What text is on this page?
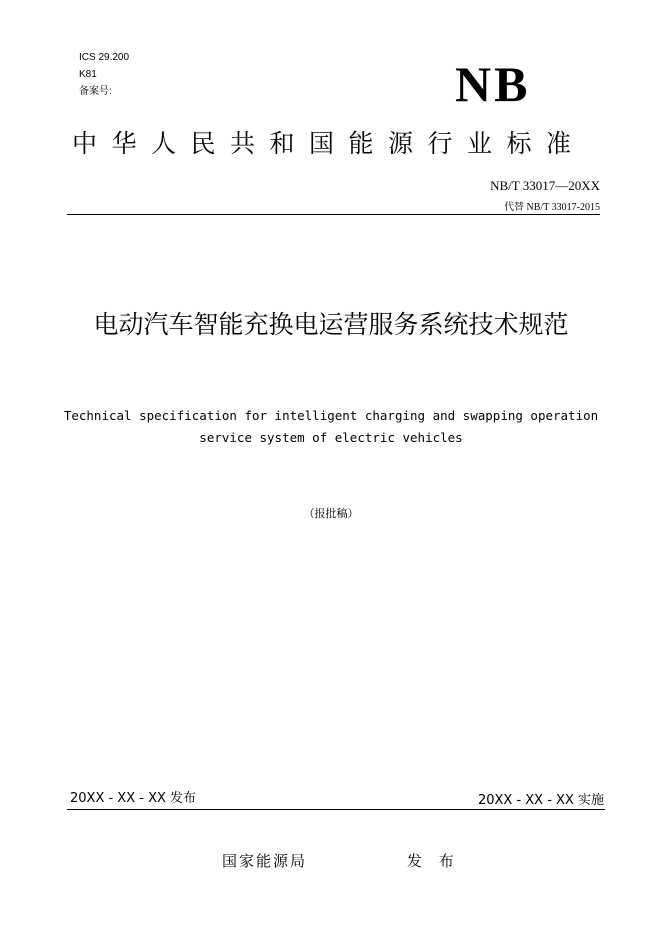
ICS 29.200
K81
备案号:	NB
中华人民共和国能源行业标准
NB/T 33017—20XX
代替 NB/T 33017-2015
电动汽车智能充换电运营服务系统技术规范
Technical specification for intelligent charging and swapping operation service system of electric vehicles
（报批稿）
20XX - XX - XX 发布	20XX - XX - XX 实施
国家能源局	发 布
